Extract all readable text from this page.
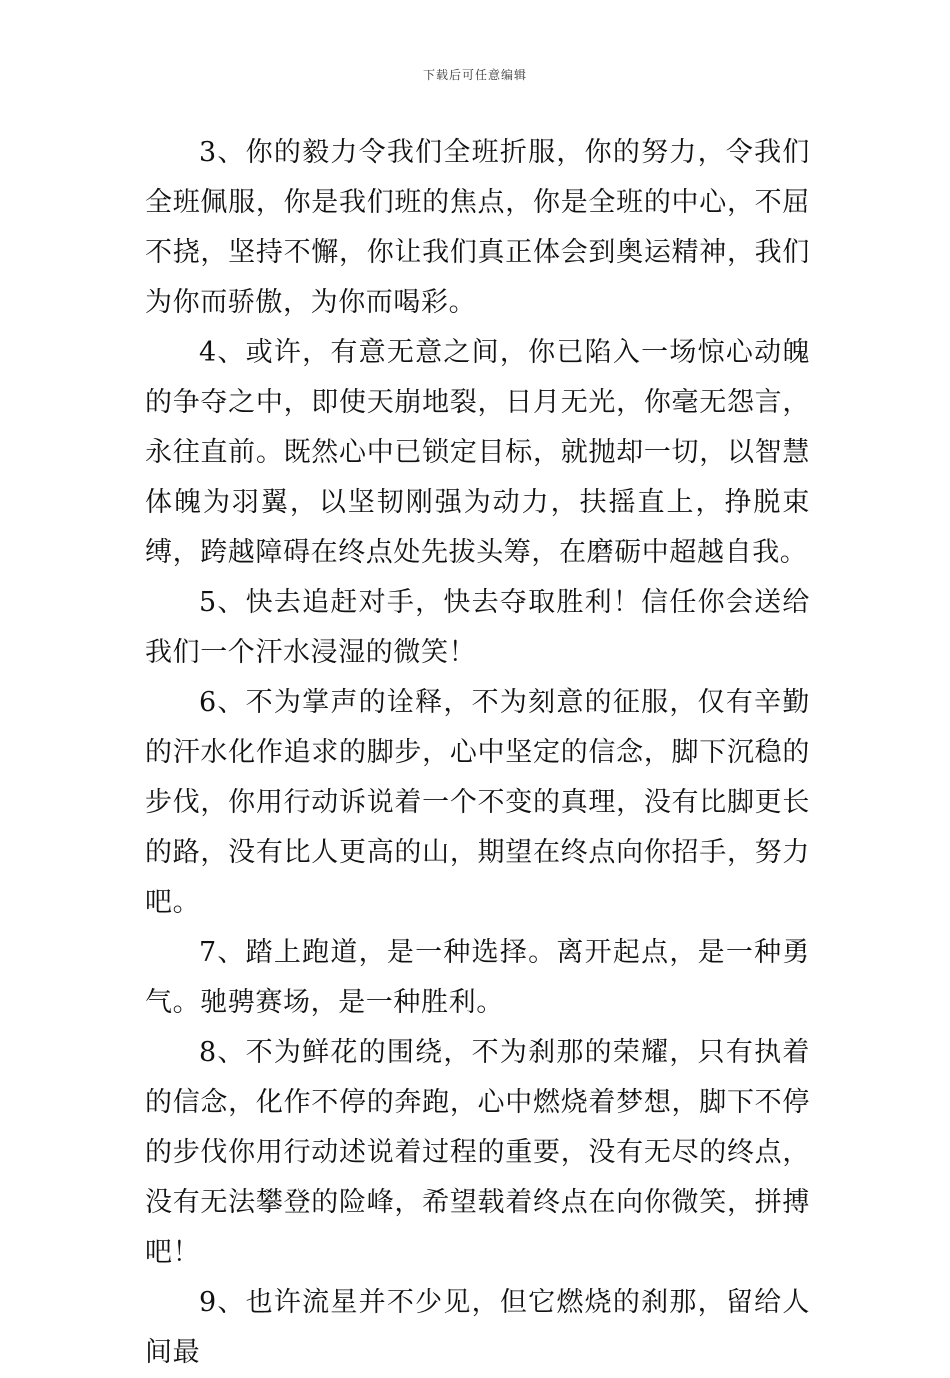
下载后可任意编辑

3、你的毅力令我们全班折服，你的努力，令我们全班佩服，你是我们班的焦点，你是全班的中心，不屈不挠，坚持不懈，你让我们真正体会到奥运精神，我们为你而骄傲，为你而喝彩。

4、或许，有意无意之间，你已陷入一场惊心动魄的争夺之中，即使天崩地裂，日月无光，你毫无怨言，永往直前。既然心中已锁定目标，就抛却一切，以智慧体魄为羽翼，以坚韧刚强为动力，扶摇直上，挣脱束缚，跨越障碍在终点处先拔头筹，在磨砺中超越自我。

5、快去追赶对手，快去夺取胜利！信任你会送给我们一个汗水浸湿的微笑！

6、不为掌声的诠释，不为刻意的征服，仅有辛勤的汗水化作追求的脚步，心中坚定的信念，脚下沉稳的步伐，你用行动诉说着一个不变的真理，没有比脚更长的路，没有比人更高的山，期望在终点向你招手，努力吧。

7、踏上跑道，是一种选择。离开起点，是一种勇气。驰骋赛场，是一种胜利。

8、不为鲜花的围绕，不为刹那的荣耀，只有执着的信念，化作不停的奔跑，心中燃烧着梦想，脚下不停的步伐你用行动述说着过程的重要，没有无尽的终点，没有无法攀登的险峰，希望载着终点在向你微笑，拼搏吧！

9、也许流星并不少见，但它燃烧的刹那，留给人间最
